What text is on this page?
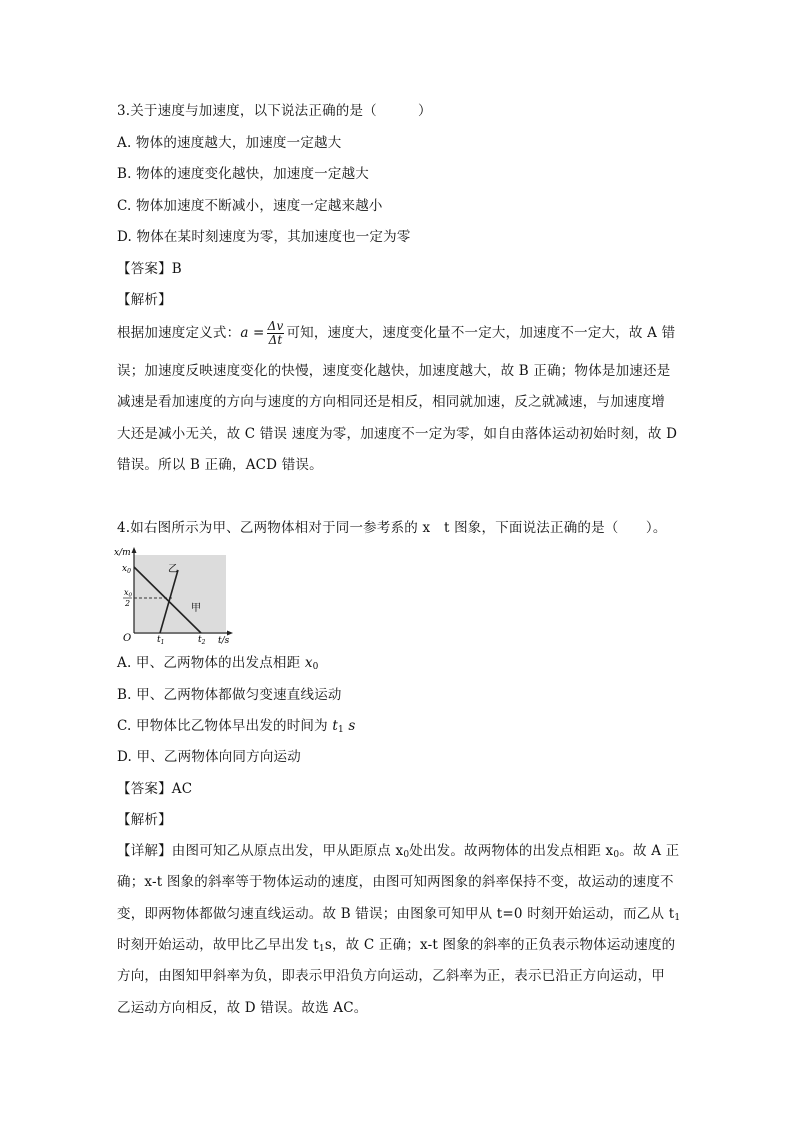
3.关于速度与加速度，以下说法正确的是（　　　）
A. 物体的速度越大，加速度一定越大
B. 物体的速度变化越快，加速度一定越大
C. 物体加速度不断减小，速度一定越来越小
D. 物体在某时刻速度为零，其加速度也一定为零
【答案】B
【解析】
根据加速度定义式：$a = \frac{\Delta v}{\Delta t}$ 可知，速度大，速度变化量不一定大，加速度不一定大，故 A 错
误；加速度反映速度变化的快慢，速度变化越快，加速度越大，故 B 正确；物体是加速还是
减速是看加速度的方向与速度的方向相同还是相反，相同就加速，反之就减速，与加速度增
大还是减小无关，故 C 错误 速度为零，加速度不一定为零，如自由落体运动初始时刻，故 D
错误。所以 B 正确，ACD 错误。
4.如右图所示为甲、乙两物体相对于同一参考系的 x　t 图象，下面说法正确的是（　　）。
x/m
t/s
O
$x_0$
x0
2
$t_1$	$t_2$
乙
甲
A. 甲、乙两物体的出发点相距 $x_0$
B. 甲、乙两物体都做匀变速直线运动
C. 甲物体比乙物体早出发的时间为 $t_1$ s
D. 甲、乙两物体向同方向运动
【答案】AC
【解析】
【详解】由图可知乙从原点出发，甲从距原点 $x_0$处出发。故两物体的出发点相距 $x_0$。故 A 正
确；x-t 图象的斜率等于物体运动的速度，由图可知两图象的斜率保持不变，故运动的速度不
变，即两物体都做匀速直线运动。故 B 错误；由图象可知甲从 t=0 时刻开始运动，而乙从 $t_1$
时刻开始运动，故甲比乙早出发 $t_1s$，故 C 正确；x-t 图象的斜率的正负表示物体运动速度的
方向，由图知甲斜率为负，即表示甲沿负方向运动，乙斜率为正，表示已沿正方向运动，甲
乙运动方向相反，故 D 错误。故选 AC。
